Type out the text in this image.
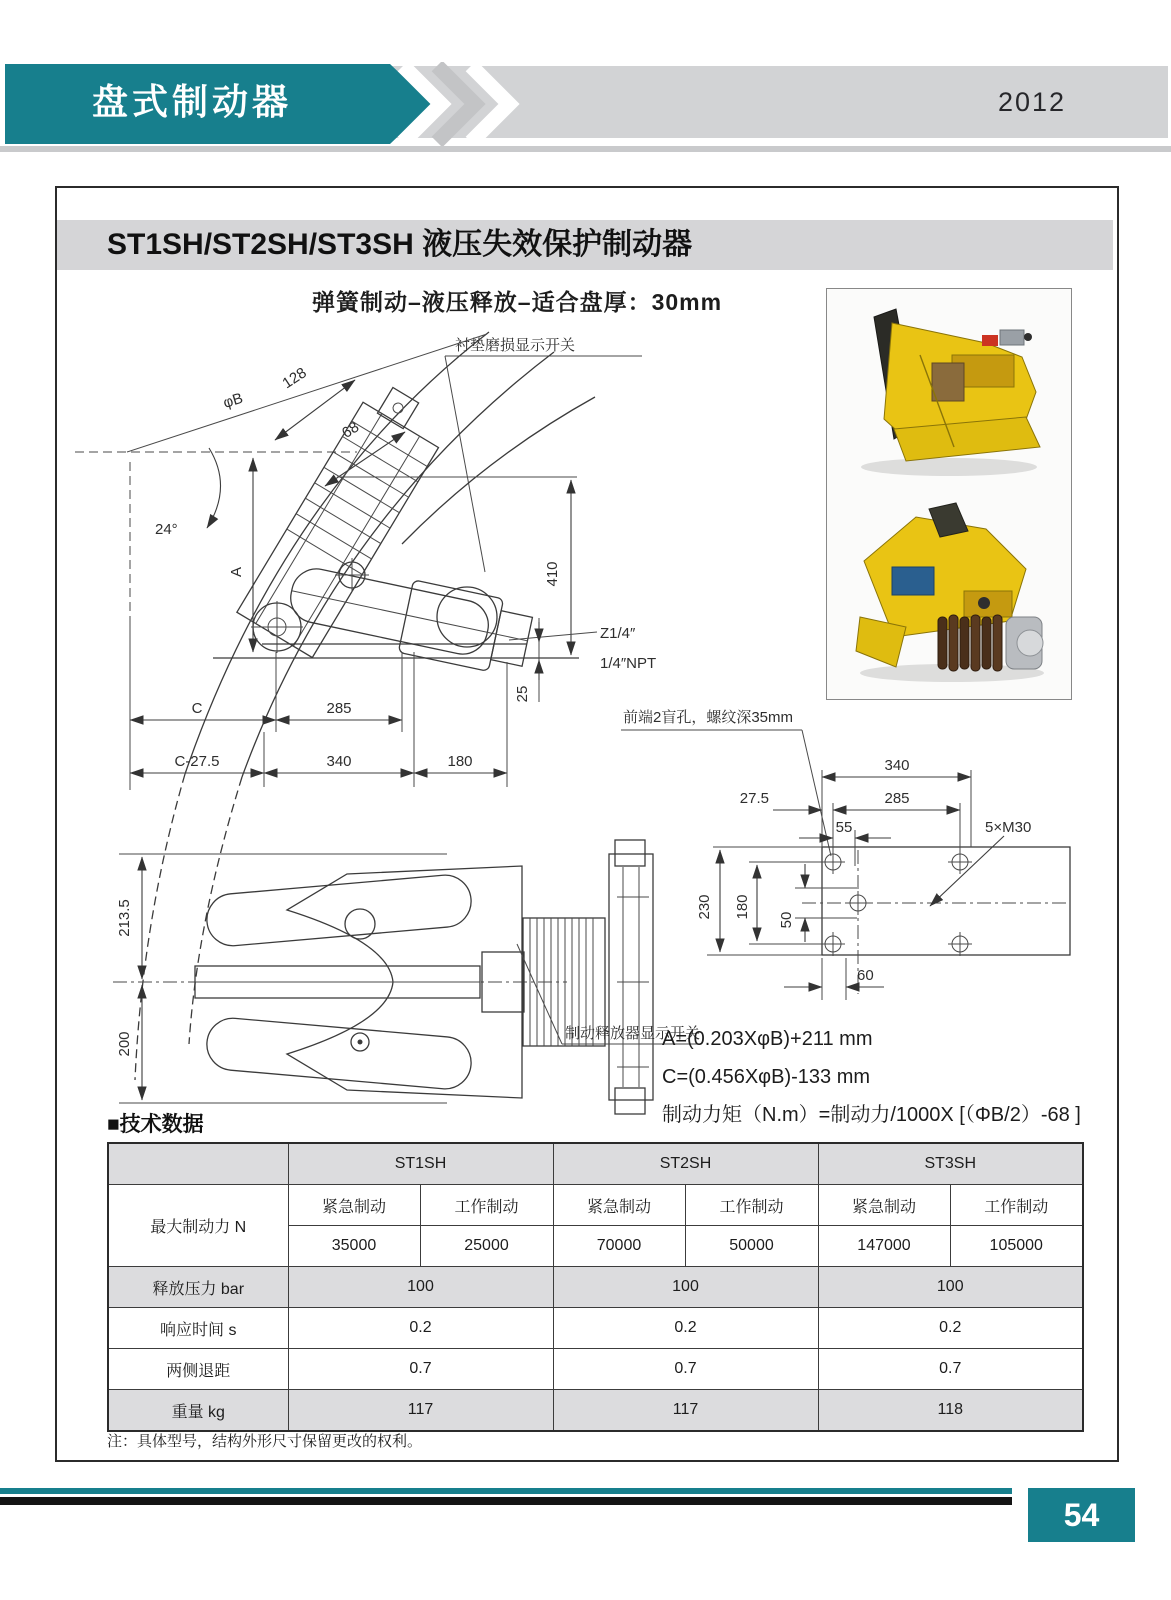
盘式制动器	2012
ST1SH/ST2SH/ST3SH 液压失效保护制动器
弹簧制动–液压释放–适合盘厚：30mm
衬垫磨损显示开关
φB
128
68
24°
A	410
Z1/4″
1/4″NPT
25
C	285
C-27.5	340	180
213.5
200	制动释放器显示开关
前端2盲孔，螺纹深35mm
340
27.5	285
55	5×M30
230 180
50
60
A=(0.203XφB)+211 mm
C=(0.456XφB)-133 mm
制动力矩（N.m）=制动力/1000X [（ΦB/2）-68 ]
■技术数据
	ST1SH		ST2SH		ST3SH	
最大制动力 N	紧急制动	工作制动	紧急制动	工作制动	紧急制动	工作制动
	35000	25000	70000	50000	147000	105000
释放压力 bar	100		100		100	
响应时间 s	0.2		0.2		0.2	
两侧退距	0.7		0.7		0.7	
重量 kg	117		117		118	
注：具体型号，结构外形尺寸保留更改的权利。
54
